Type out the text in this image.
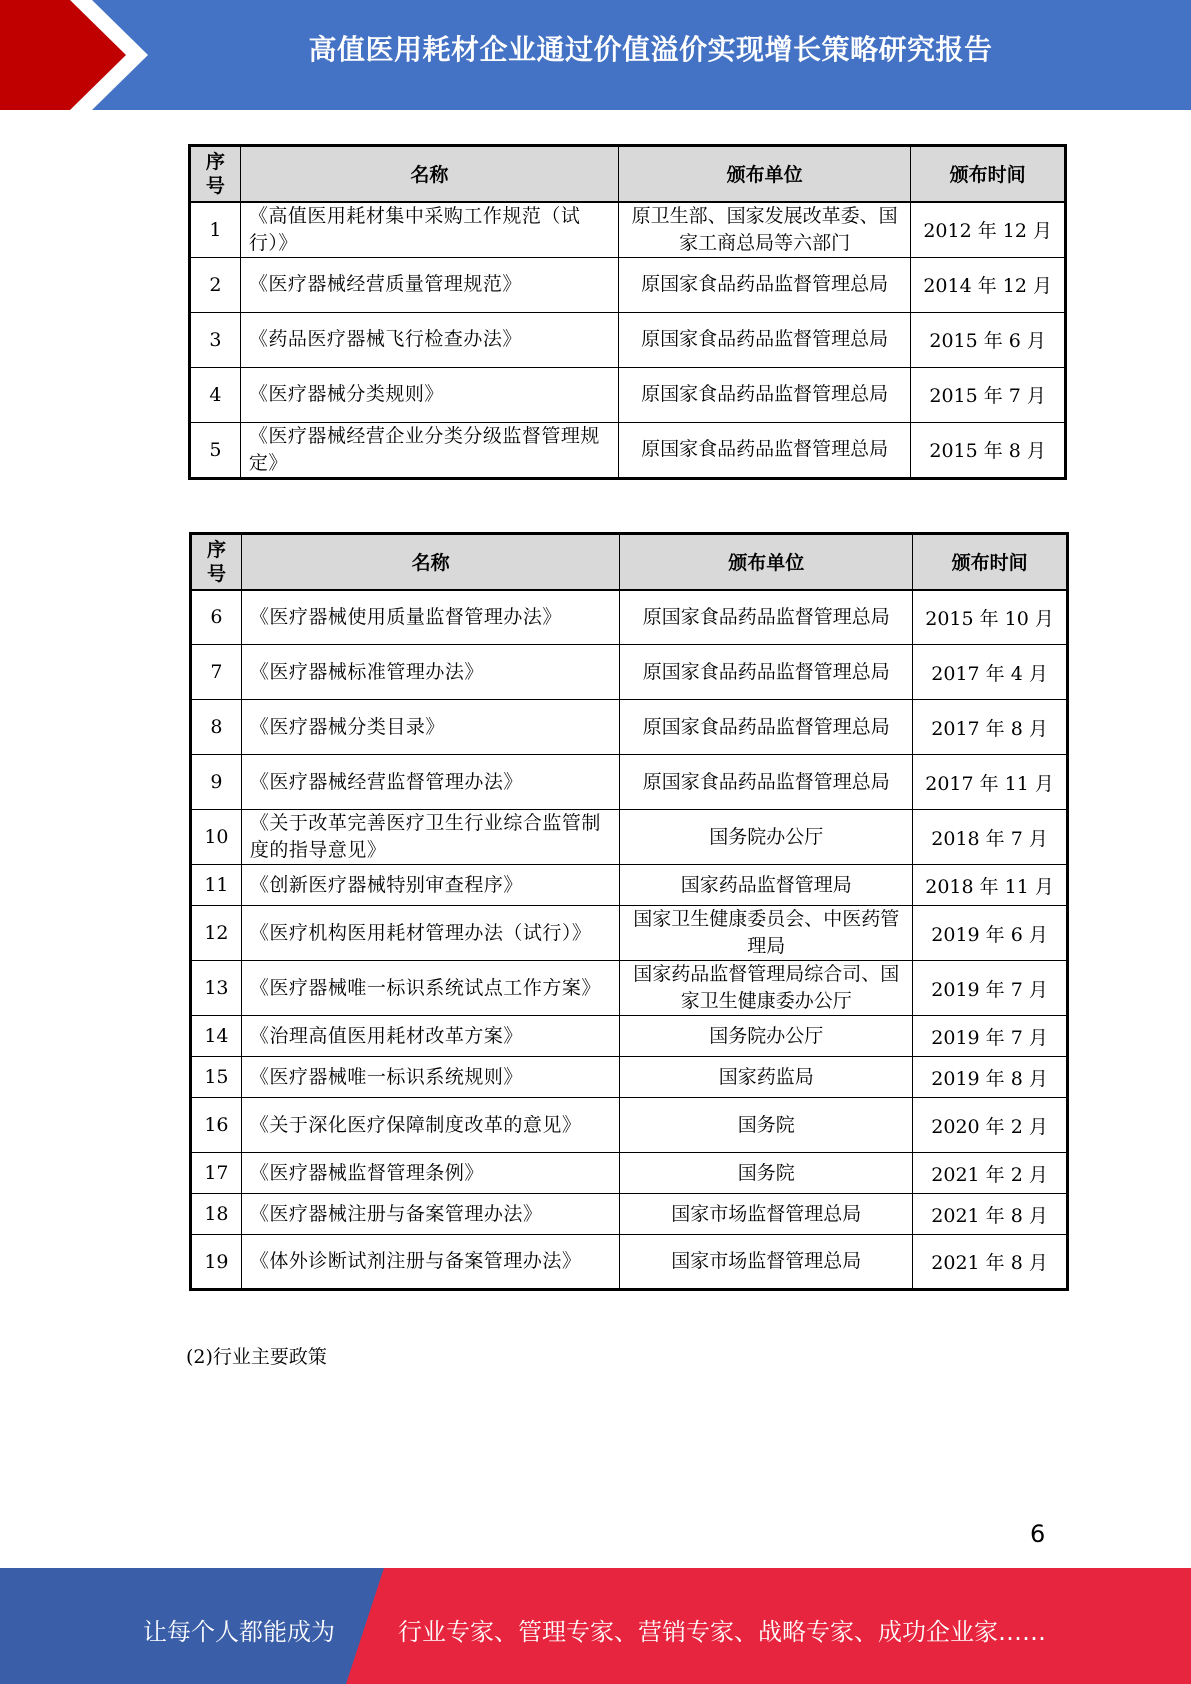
高值医用耗材企业通过价值溢价实现增长策略研究报告
序号	名称	颁布单位	颁布时间
1	《高值医用耗材集中采购工作规范（试行）》	原卫生部、国家发展改革委、国家工商总局等六部门	2012 年 12 月
2	《医疗器械经营质量管理规范》	原国家食品药品监督管理总局	2014 年 12 月
3	《药品医疗器械飞行检查办法》	原国家食品药品监督管理总局	2015 年 6 月
4	《医疗器械分类规则》	原国家食品药品监督管理总局	2015 年 7 月
5	《医疗器械经营企业分类分级监督管理规定》	原国家食品药品监督管理总局	2015 年 8 月
序号	名称	颁布单位	颁布时间
6	《医疗器械使用质量监督管理办法》	原国家食品药品监督管理总局	2015 年 10 月
7	《医疗器械标准管理办法》	原国家食品药品监督管理总局	2017 年 4 月
8	《医疗器械分类目录》	原国家食品药品监督管理总局	2017 年 8 月
9	《医疗器械经营监督管理办法》	原国家食品药品监督管理总局	2017 年 11 月
10	《关于改革完善医疗卫生行业综合监管制度的指导意见》	国务院办公厅	2018 年 7 月
11	《创新医疗器械特别审查程序》	国家药品监督管理局	2018 年 11 月
12	《医疗机构医用耗材管理办法（试行）》	国家卫生健康委员会、中医药管理局	2019 年 6 月
13	《医疗器械唯一标识系统试点工作方案》	国家药品监督管理局综合司、国家卫生健康委办公厅	2019 年 7 月
14	《治理高值医用耗材改革方案》	国务院办公厅	2019 年 7 月
15	《医疗器械唯一标识系统规则》	国家药监局	2019 年 8 月
16	《关于深化医疗保障制度改革的意见》	国务院	2020 年 2 月
17	《医疗器械监督管理条例》	国务院	2021 年 2 月
18	《医疗器械注册与备案管理办法》	国家市场监督管理总局	2021 年 8 月
19	《体外诊断试剂注册与备案管理办法》	国家市场监督管理总局	2021 年 8 月
(2)行业主要政策
6
让每个人都能成为	行业专家、管理专家、营销专家、战略专家、成功企业家……
